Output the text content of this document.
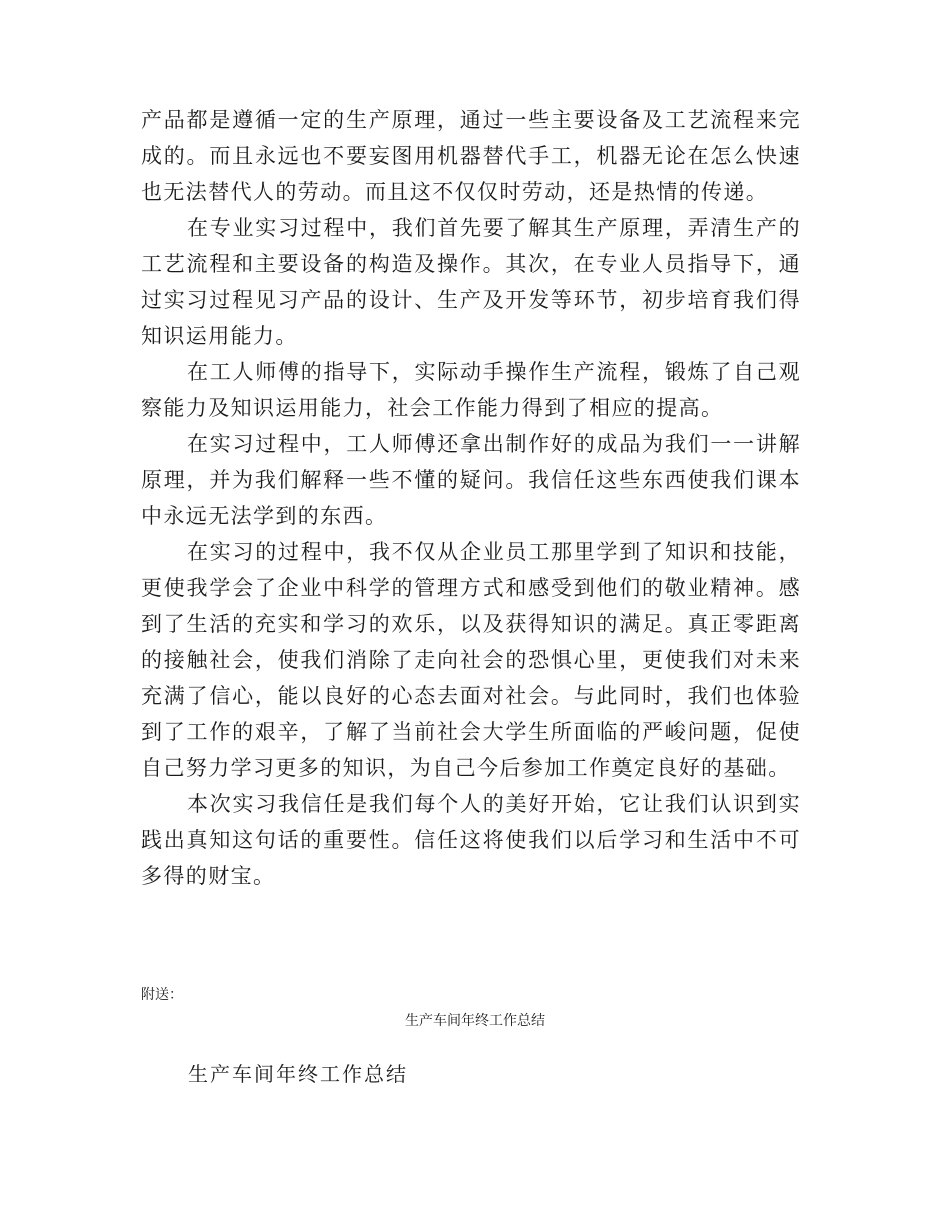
产品都是遵循一定的生产原理，通过一些主要设备及工艺流程来完成的。而且永远也不要妄图用机器替代手工，机器无论在怎么快速也无法替代人的劳动。而且这不仅仅时劳动，还是热情的传递。

在专业实习过程中，我们首先要了解其生产原理，弄清生产的工艺流程和主要设备的构造及操作。其次，在专业人员指导下，通过实习过程见习产品的设计、生产及开发等环节，初步培育我们得知识运用能力。

在工人师傅的指导下，实际动手操作生产流程，锻炼了自己观察能力及知识运用能力，社会工作能力得到了相应的提高。

在实习过程中，工人师傅还拿出制作好的成品为我们一一讲解原理，并为我们解释一些不懂的疑问。我信任这些东西使我们课本中永远无法学到的东西。

在实习的过程中，我不仅从企业员工那里学到了知识和技能，更使我学会了企业中科学的管理方式和感受到他们的敬业精神。感到了生活的充实和学习的欢乐，以及获得知识的满足。真正零距离的接触社会，使我们消除了走向社会的恐惧心里，更使我们对未来充满了信心，能以良好的心态去面对社会。与此同时，我们也体验到了工作的艰辛，了解了当前社会大学生所面临的严峻问题，促使自己努力学习更多的知识，为自己今后参加工作奠定良好的基础。

本次实习我信任是我们每个人的美好开始，它让我们认识到实践出真知这句话的重要性。信任这将使我们以后学习和生活中不可多得的财宝。

附送：

生产车间年终工作总结

生产车间年终工作总结
